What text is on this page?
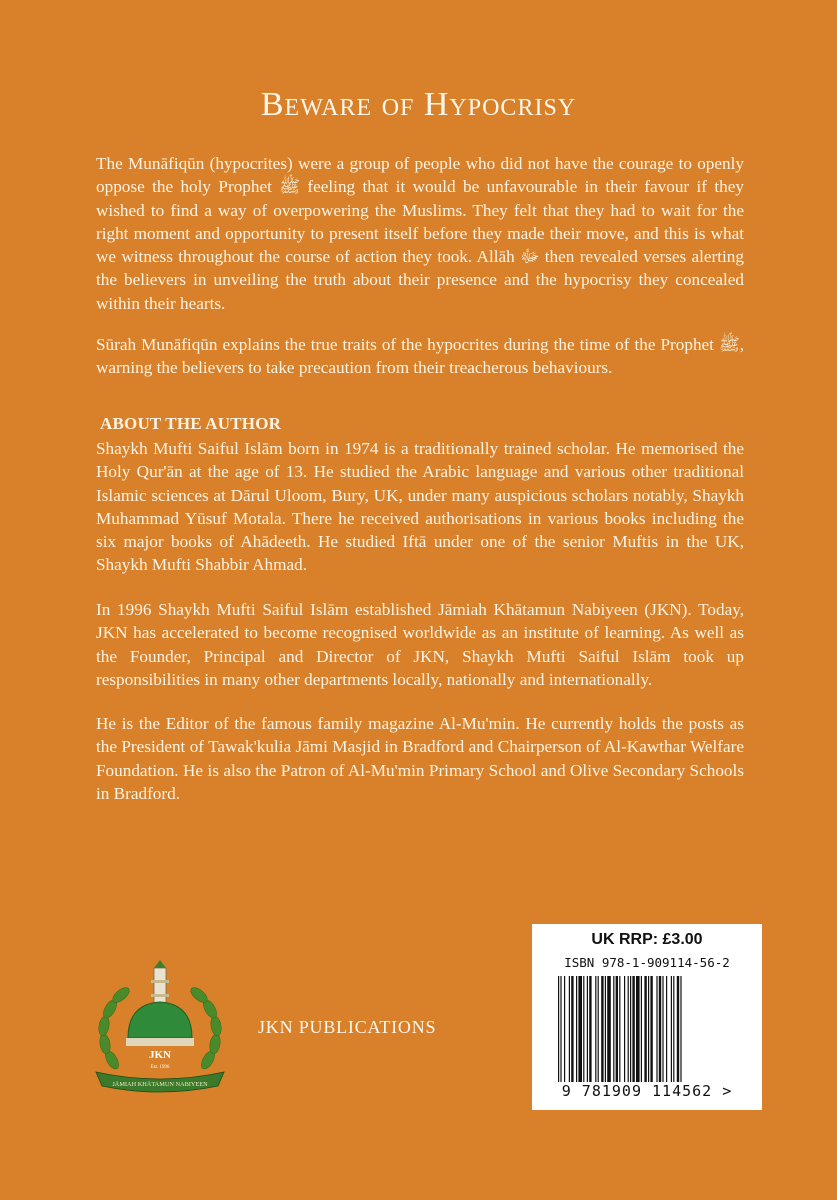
Beware of Hypocrisy

The Munāfiqūn (hypocrites) were a group of people who did not have the courage to openly oppose the holy Prophet ﷺ feeling that it would be unfavourable in their favour if they wished to find a way of overpowering the Muslims. They felt that they had to wait for the right moment and opportunity to present itself before they made their move, and this is what we witness throughout the course of action they took. Allāh ﷻ then revealed verses alerting the believers in unveiling the truth about their presence and the hypocrisy they concealed within their hearts.

Sūrah Munāfiqūn explains the true traits of the hypocrites during the time of the Prophet ﷺ, warning the believers to take precaution from their treacherous behaviours.

ABOUT THE AUTHOR

Shaykh Mufti Saiful Islām born in 1974 is a traditionally trained scholar. He memorised the Holy Qur'ān at the age of 13. He studied the Arabic language and various other traditional Islamic sciences at Dārul Uloom, Bury, UK, under many auspicious scholars notably, Shaykh Muhammad Yūsuf Motala. There he received authorisations in various books including the six major books of Ahādeeth. He studied Iftā under one of the senior Muftis in the UK, Shaykh Mufti Shabbir Ahmad.

In 1996 Shaykh Mufti Saiful Islām established Jāmiah Khātamun Nabiyeen (JKN). Today, JKN has accelerated to become recognised worldwide as an institute of learning. As well as the Founder, Principal and Director of JKN, Shaykh Mufti Saiful Islām took up responsibilities in many other departments locally, nationally and internationally.

He is the Editor of the famous family magazine Al-Mu'min. He currently holds the posts as the President of Tawak'kulia Jāmi Masjid in Bradford and Chairperson of Al-Kawthar Welfare Foundation. He is also the Patron of Al-Mu'min Primary School and Olive Secondary Schools in Bradford.

JKN
Est. 1996
JĀMIAH KHĀTAMUN NABIYEEN
JKN PUBLICATIONS
UK RRP: £3.00
ISBN 978-1-909114-56-2
9 781909 114562 >
